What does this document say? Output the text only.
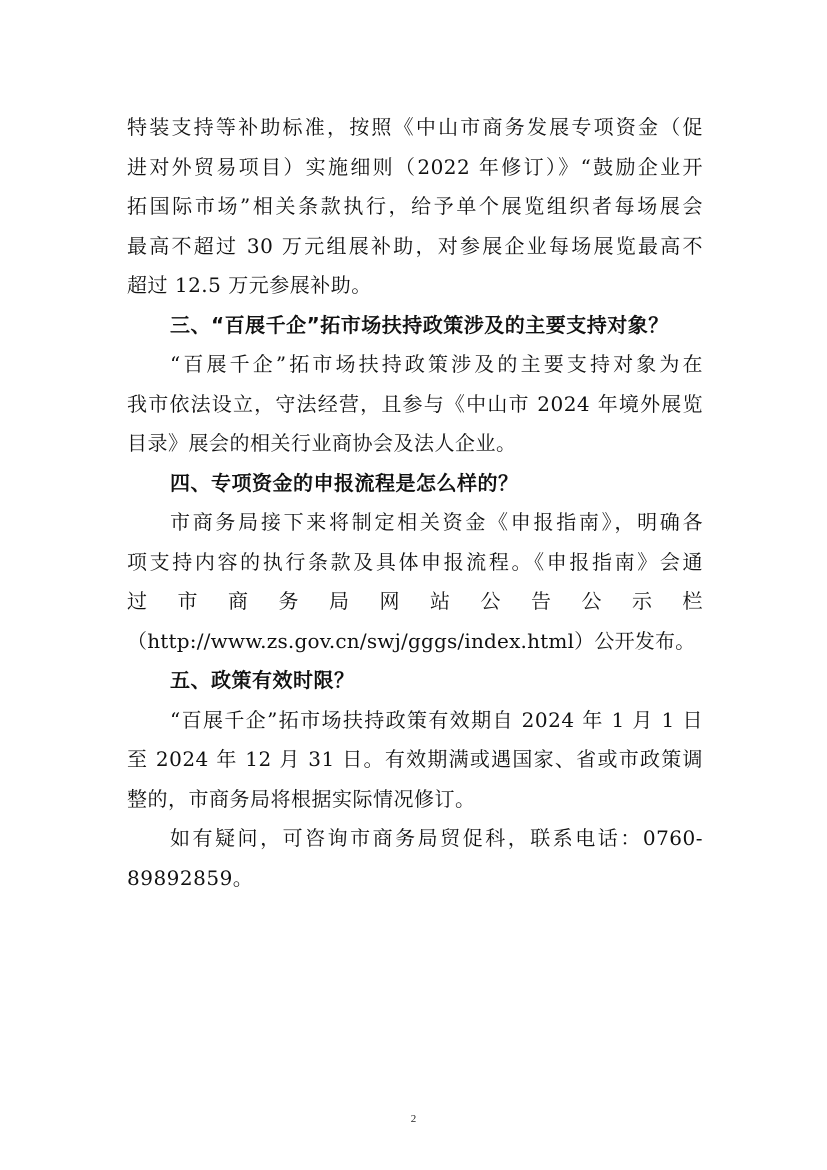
特装支持等补助标准，按照《中山市商务发展专项资金（促
进对外贸易项目）实施细则（2022 年修订）》“鼓励企业开
拓国际市场”相关条款执行，给予单个展览组织者每场展会
最高不超过 30 万元组展补助，对参展企业每场展览最高不
超过 12.5 万元参展补助。
三、“百展千企”拓市场扶持政策涉及的主要支持对象？
“百展千企”拓市场扶持政策涉及的主要支持对象为在
我市依法设立，守法经营，且参与《中山市 2024 年境外展览
目录》展会的相关行业商协会及法人企业。
四、专项资金的申报流程是怎么样的？
市商务局接下来将制定相关资金《申报指南》，明确各
项支持内容的执行条款及具体申报流程。《申报指南》会通
过市商务局网站公告公示栏
（http://www.zs.gov.cn/swj/gggs/index.html）公开发布。
五、政策有效时限？
“百展千企”拓市场扶持政策有效期自 2024 年 1 月 1 日
至 2024 年 12 月 31 日。有效期满或遇国家、省或市政策调
整的，市商务局将根据实际情况修订。
如有疑问，可咨询市商务局贸促科，联系电话：0760-
89892859。
2
